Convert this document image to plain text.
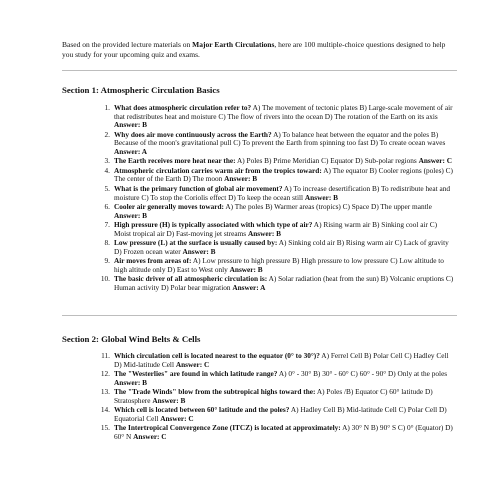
Based on the provided lecture materials on Major Earth Circulations, here are 100 multiple-choice questions designed to help you study for your upcoming quiz and exams.

Section 1: Atmospheric Circulation Basics
1. What does atmospheric circulation refer to? A) The movement of tectonic plates B) Large-scale movement of air that redistributes heat and moisture C) The flow of rivers into the ocean D) The rotation of the Earth on its axis Answer: B
2. Why does air move continuously across the Earth? A) To balance heat between the equator and the poles B) Because of the moon's gravitational pull C) To prevent the Earth from spinning too fast D) To create ocean waves Answer: A
3. The Earth receives more heat near the: A) Poles B) Prime Meridian C) Equator D) Sub-polar regions Answer: C
4. Atmospheric circulation carries warm air from the tropics toward: A) The equator B) Cooler regions (poles) C) The center of the Earth D) The moon Answer: B
5. What is the primary function of global air movement? A) To increase desertification B) To redistribute heat and moisture C) To stop the Coriolis effect D) To keep the ocean still Answer: B
6. Cooler air generally moves toward: A) The poles B) Warmer areas (tropics) C) Space D) The upper mantle Answer: B
7. High pressure (H) is typically associated with which type of air? A) Rising warm air B) Sinking cool air C) Moist tropical air D) Fast-moving jet streams Answer: B
8. Low pressure (L) at the surface is usually caused by: A) Sinking cold air B) Rising warm air C) Lack of gravity D) Frozen ocean water Answer: B
9. Air moves from areas of: A) Low pressure to high pressure B) High pressure to low pressure C) Low altitude to high altitude only D) East to West only Answer: B
10. The basic driver of all atmospheric circulation is: A) Solar radiation (heat from the sun) B) Volcanic eruptions C) Human activity D) Polar bear migration Answer: A
Section 2: Global Wind Belts & Cells
11. Which circulation cell is located nearest to the equator (0° to 30°)? A) Ferrel Cell B) Polar Cell C) Hadley Cell D) Mid-latitude Cell Answer: C
12. The "Westerlies" are found in which latitude range? A) 0° - 30° B) 30° - 60° C) 60° - 90° D) Only at the poles Answer: B
13. The "Trade Winds" blow from the subtropical highs toward the: A) Poles /B) Equator C) 60° latitude D) Stratosphere Answer: B
14. Which cell is located between 60° latitude and the poles? A) Hadley Cell B) Mid-latitude Cell C) Polar Cell D) Equatorial Cell Answer: C
15. The Intertropical Convergence Zone (ITCZ) is located at approximately: A) 30° N B) 90° S C) 0° (Equator) D) 60° N Answer: C
